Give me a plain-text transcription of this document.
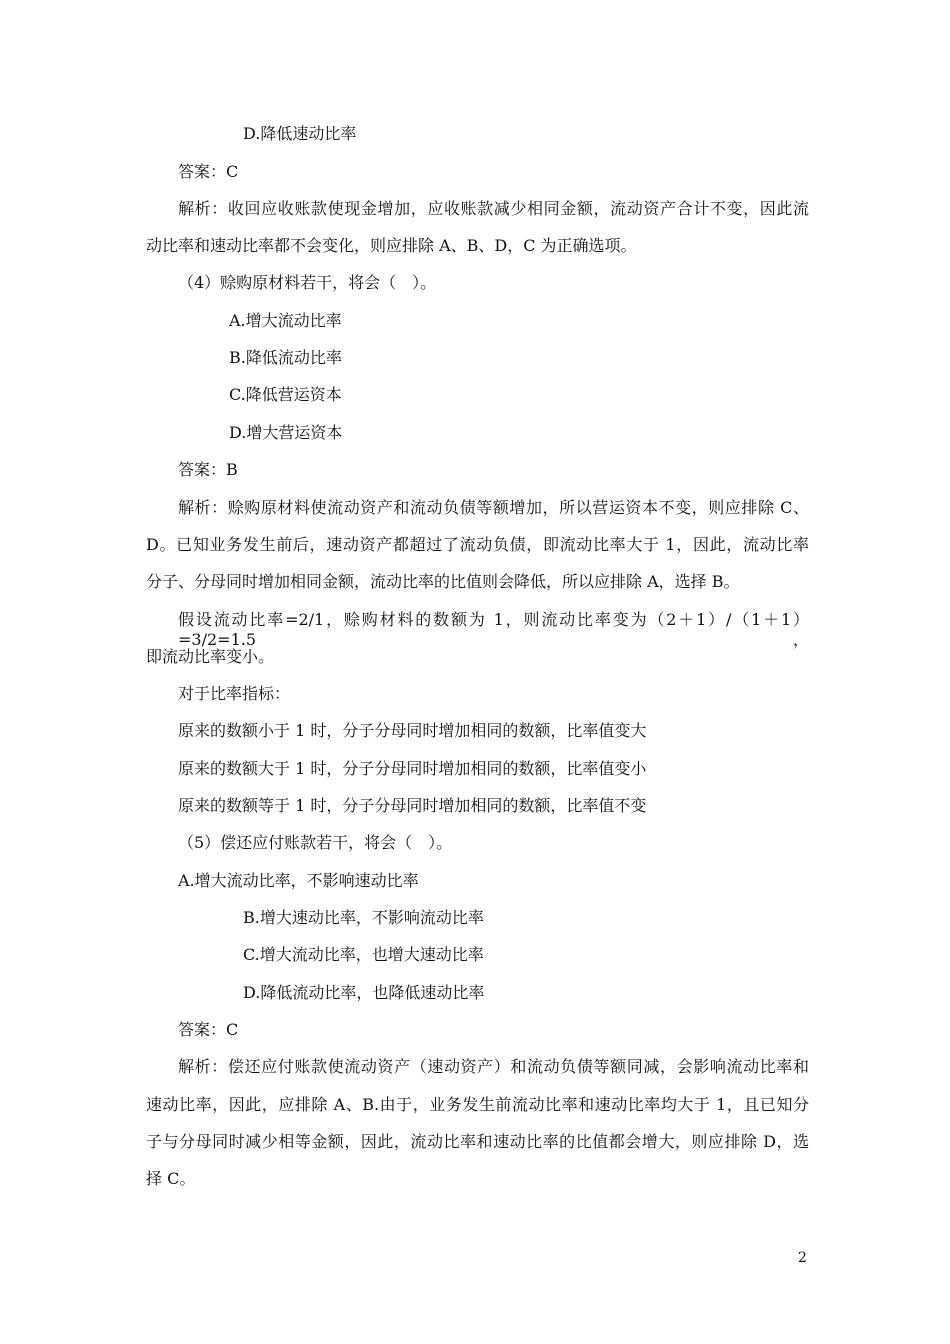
D.降低速动比率
答案：C
解析：收回应收账款使现金增加，应收账款减少相同金额，流动资产合计不变，因此流
动比率和速动比率都不会变化，则应排除 A、B、D，C 为正确选项。
（4）赊购原材料若干，将会（　）。
A.增大流动比率
B.降低流动比率
C.降低营运资本
D.增大营运资本
答案：B
解析：赊购原材料使流动资产和流动负债等额增加，所以营运资本不变，则应排除 C、
D。已知业务发生前后，速动资产都超过了流动负债，即流动比率大于 1，因此，流动比率
分子、分母同时增加相同金额，流动比率的比值则会降低，所以应排除 A，选择 B。
假设流动比率=2/1，赊购材料的数额为 1，则流动比率变为（2＋1）/（1＋1）=3/2=1.5，
即流动比率变小。
对于比率指标：
原来的数额小于 1 时，分子分母同时增加相同的数额，比率值变大
原来的数额大于 1 时，分子分母同时增加相同的数额，比率值变小
原来的数额等于 1 时，分子分母同时增加相同的数额，比率值不变
（5）偿还应付账款若干，将会（　）。
A.增大流动比率，不影响速动比率
B.增大速动比率，不影响流动比率
C.增大流动比率，也增大速动比率
D.降低流动比率，也降低速动比率
答案：C
解析：偿还应付账款使流动资产（速动资产）和流动负债等额同减，会影响流动比率和
速动比率，因此，应排除 A、B.由于，业务发生前流动比率和速动比率均大于 1，且已知分
子与分母同时减少相等金额，因此，流动比率和速动比率的比值都会增大，则应排除 D，选
择 C。
2
